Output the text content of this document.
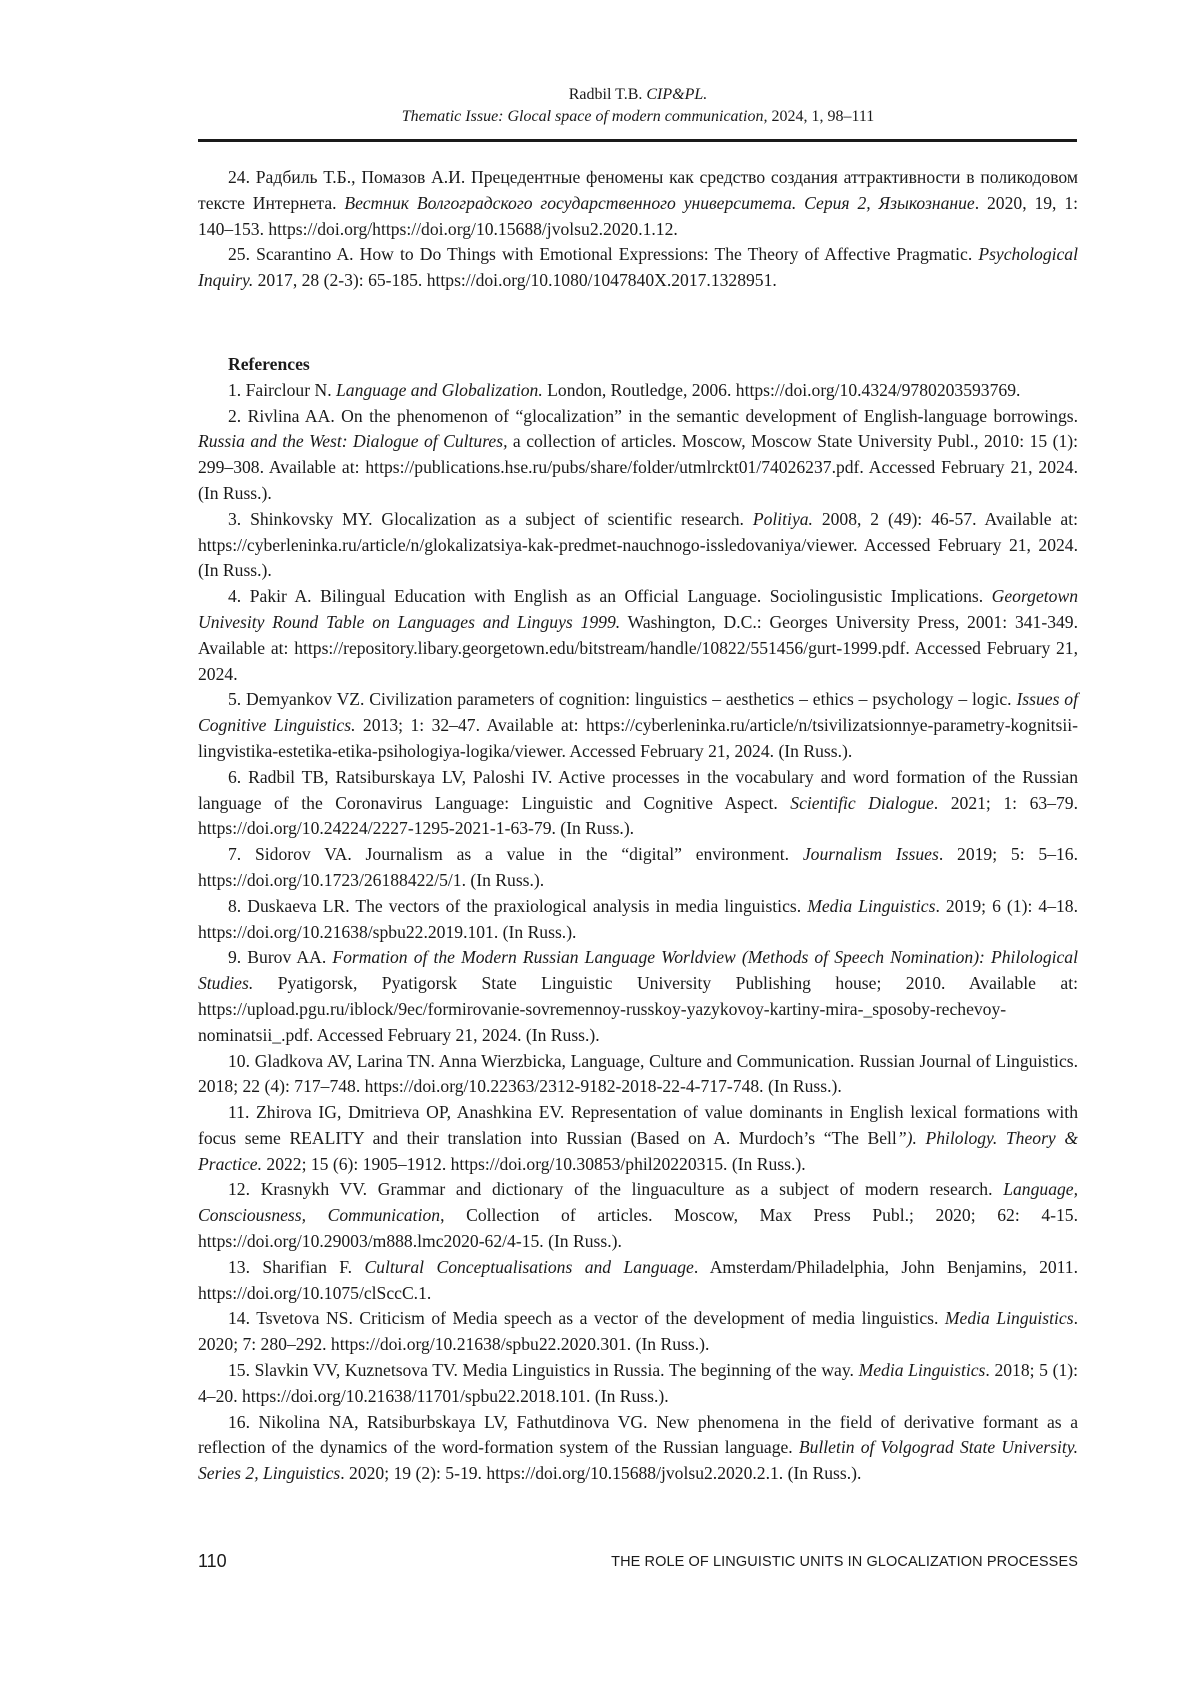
Radbil T.B. CIP&PL.
Thematic Issue: Glocal space of modern communication, 2024, 1, 98–111

24. Радбиль Т.Б., Помазов А.И. Прецедентные феномены как средство создания аттрактивности в поликодовом тексте Интернета. Вестник Волгоградского государственного университета. Серия 2, Языкознание. 2020, 19, 1: 140–153. https://doi.org/https://doi.org/10.15688/jvolsu2.2020.1.12.

25. Scarantino A. How to Do Things with Emotional Expressions: The Theory of Affective Pragmatic. Psychological Inquiry. 2017, 28 (2-3): 65-185. https://doi.org/10.1080/1047840X.2017.1328951.

References

1. Fairclour N. Language and Globalization. London, Routledge, 2006. https://doi.org/10.4324/9780203593769.

2. Rivlina AA. On the phenomenon of “glocalization” in the semantic development of English-language borrowings. Russia and the West: Dialogue of Cultures, a collection of articles. Moscow, Moscow State University Publ., 2010: 15 (1): 299–308. Available at: https://publications.hse.ru/pubs/share/folder/utmlrckt01/74026237.pdf. Accessed February 21, 2024. (In Russ.).

3. Shinkovsky MY. Glocalization as a subject of scientific research. Politiya. 2008, 2 (49): 46-57. Available at: https://cyberleninka.ru/article/n/glokalizatsiya-kak-predmet-nauchnogo-issledovaniya/viewer. Accessed February 21, 2024. (In Russ.).

4. Pakir A. Bilingual Education with English as an Official Language. Sociolingusistic Implications. Georgetown Univesity Round Table on Languages and Linguys 1999. Washington, D.C.: Georges University Press, 2001: 341-349. Available at: https://repository.libary.georgetown.edu/bitstream/handle/10822/551456/gurt-1999.pdf. Accessed February 21, 2024.

5. Demyankov VZ. Civilization parameters of cognition: linguistics – aesthetics – ethics – psychology – logic. Issues of Cognitive Linguistics. 2013; 1: 32–47. Available at: https://cyberleninka.ru/article/n/tsivilizatsionnye-parametry-kognitsii-lingvistika-estetika-etika-psihologiya-logika/viewer. Accessed February 21, 2024. (In Russ.).

6. Radbil TB, Ratsiburskaya LV, Paloshi IV. Active processes in the vocabulary and word formation of the Russian language of the Coronavirus Language: Linguistic and Cognitive Aspect. Scientific Dialogue. 2021; 1: 63–79. https://doi.org/10.24224/2227-1295-2021-1-63-79. (In Russ.).

7. Sidorov VA. Journalism as a value in the “digital” environment. Journalism Issues. 2019; 5: 5–16. https://doi.org/10.1723/26188422/5/1. (In Russ.).

8. Duskaeva LR. The vectors of the praxiological analysis in media linguistics. Media Linguistics. 2019; 6 (1): 4–18. https://doi.org/10.21638/spbu22.2019.101. (In Russ.).

9. Burov AA. Formation of the Modern Russian Language Worldview (Methods of Speech Nomination): Philological Studies. Pyatigorsk, Pyatigorsk State Linguistic University Publishing house; 2010. Available at: https://upload.pgu.ru/iblock/9ec/formirovanie-sovremennoy-russkoy-yazykovoy-kartiny-mira-_sposoby-rechevoy-nominatsii_.pdf. Accessed February 21, 2024. (In Russ.).

10. Gladkova AV, Larina TN. Anna Wierzbicka, Language, Culture and Communication. Russian Journal of Linguistics. 2018; 22 (4): 717–748. https://doi.org/10.22363/2312-9182-2018-22-4-717-748. (In Russ.).

11. Zhirova IG, Dmitrieva OP, Anashkina EV. Representation of value dominants in English lexical formations with focus seme REALITY and their translation into Russian (Based on A. Murdoch’s “The Bell”). Philology. Theory & Practice. 2022; 15 (6): 1905–1912. https://doi.org/10.30853/phil20220315. (In Russ.).

12. Krasnykh VV. Grammar and dictionary of the linguaculture as a subject of modern research. Language, Consciousness, Communication, Collection of articles. Moscow, Max Press Publ.; 2020; 62: 4-15. https://doi.org/10.29003/m888.lmc2020-62/4-15. (In Russ.).

13. Sharifian F. Cultural Conceptualisations and Language. Amsterdam/Philadelphia, John Benjamins, 2011. https://doi.org/10.1075/clSccC.1.

14. Tsvetova NS. Criticism of Media speech as a vector of the development of media linguistics. Media Linguistics. 2020; 7: 280–292. https://doi.org/10.21638/spbu22.2020.301. (In Russ.).

15. Slavkin VV, Kuznetsova TV. Media Linguistics in Russia. The beginning of the way. Media Linguistics. 2018; 5 (1): 4–20. https://doi.org/10.21638/11701/spbu22.2018.101. (In Russ.).

16. Nikolina NA, Ratsiburbskaya LV, Fathutdinova VG. New phenomena in the field of derivative formant as a reflection of the dynamics of the word-formation system of the Russian language. Bulletin of Volgograd State University. Series 2, Linguistics. 2020; 19 (2): 5-19. https://doi.org/10.15688/jvolsu2.2020.2.1. (In Russ.).

110	THE ROLE OF LINGUISTIC UNITS IN GLOCALIZATION PROCESSES
